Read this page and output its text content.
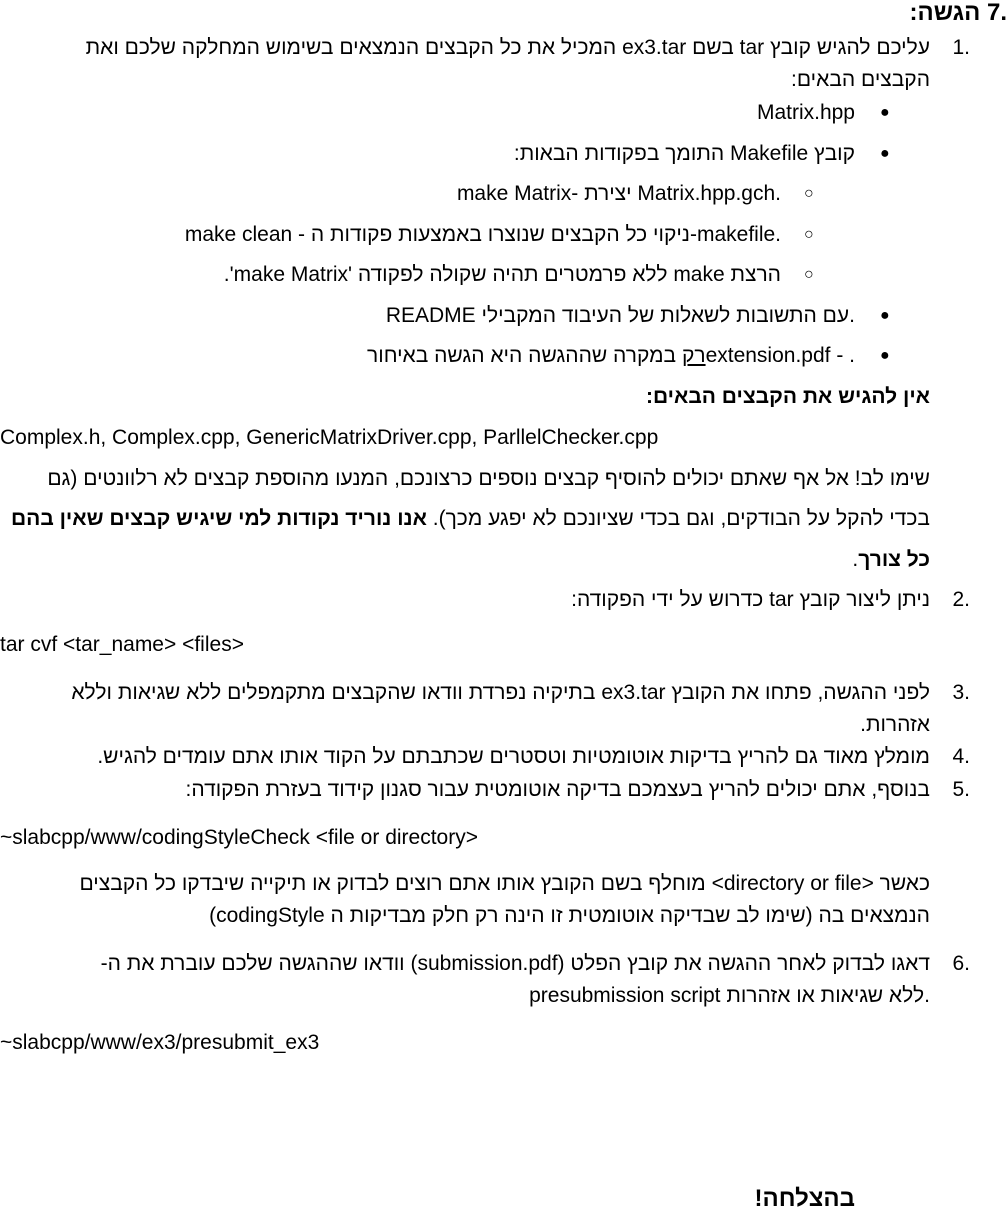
7. הגשה:
1.
עליכם להגיש קובץ tar בשם ex3.tar המכיל את כל הקבצים הנמצאים בשימוש המחלקה שלכם ואת
הקבצים הבאים:
●
Matrix.hpp
●
קובץ Makefile התומך בפקודות הבאות:
○
make Matrix- יצירת Matrix.hpp.gch.
○
make clean - ניקוי כל הקבצים שנוצרו באמצעות פקודות ה-makefile.
○
הרצת make ללא פרמטרים תהיה שקולה לפקודה 'make Matrix'.
●
README עם התשובות לשאלות של העיבוד המקבילי.
●
extension.pdf - רק במקרה שההגשה היא הגשה באיחור.
אין להגיש את הקבצים הבאים:
Complex.h, Complex.cpp, GenericMatrixDriver.cpp, ParllelChecker.cpp
שימו לב! אל אף שאתם יכולים להוסיף קבצים נוספים כרצונכם, המנעו מהוספת קבצים לא רלוונטים (גם
בכדי להקל על הבודקים, וגם בכדי שציונכם לא יפגע מכך). אנו נוריד נקודות למי שיגיש קבצים שאין בהם
כל צורך.
2.
ניתן ליצור קובץ tar כדרוש על ידי הפקודה:
tar cvf <tar_name> <files>
3.
לפני ההגשה, פתחו את הקובץ ex3.tar בתיקיה נפרדת וודאו שהקבצים מתקמפלים ללא שגיאות וללא
אזהרות.
4.
מומלץ מאוד גם להריץ בדיקות אוטומטיות וטסטרים שכתבתם על הקוד אותו אתם עומדים להגיש.
5.
בנוסף, אתם יכולים להריץ בעצמכם בדיקה אוטומטית עבור סגנון קידוד בעזרת הפקודה:
~slabcpp/www/codingStyleCheck <file or directory>
כאשר <directory or file> מוחלף בשם הקובץ אותו אתם רוצים לבדוק או תיקייה שיבדקו כל הקבצים
הנמצאים בה (שימו לב שבדיקה אוטומטית זו הינה רק חלק מבדיקות ה codingStyle)
6.
דאגו לבדוק לאחר ההגשה את קובץ הפלט (submission.pdf) וודאו שההגשה שלכם עוברת את ה-
presubmission script ללא שגיאות או אזהרות.
~slabcpp/www/ex3/presubmit_ex3
בהצלחה!
